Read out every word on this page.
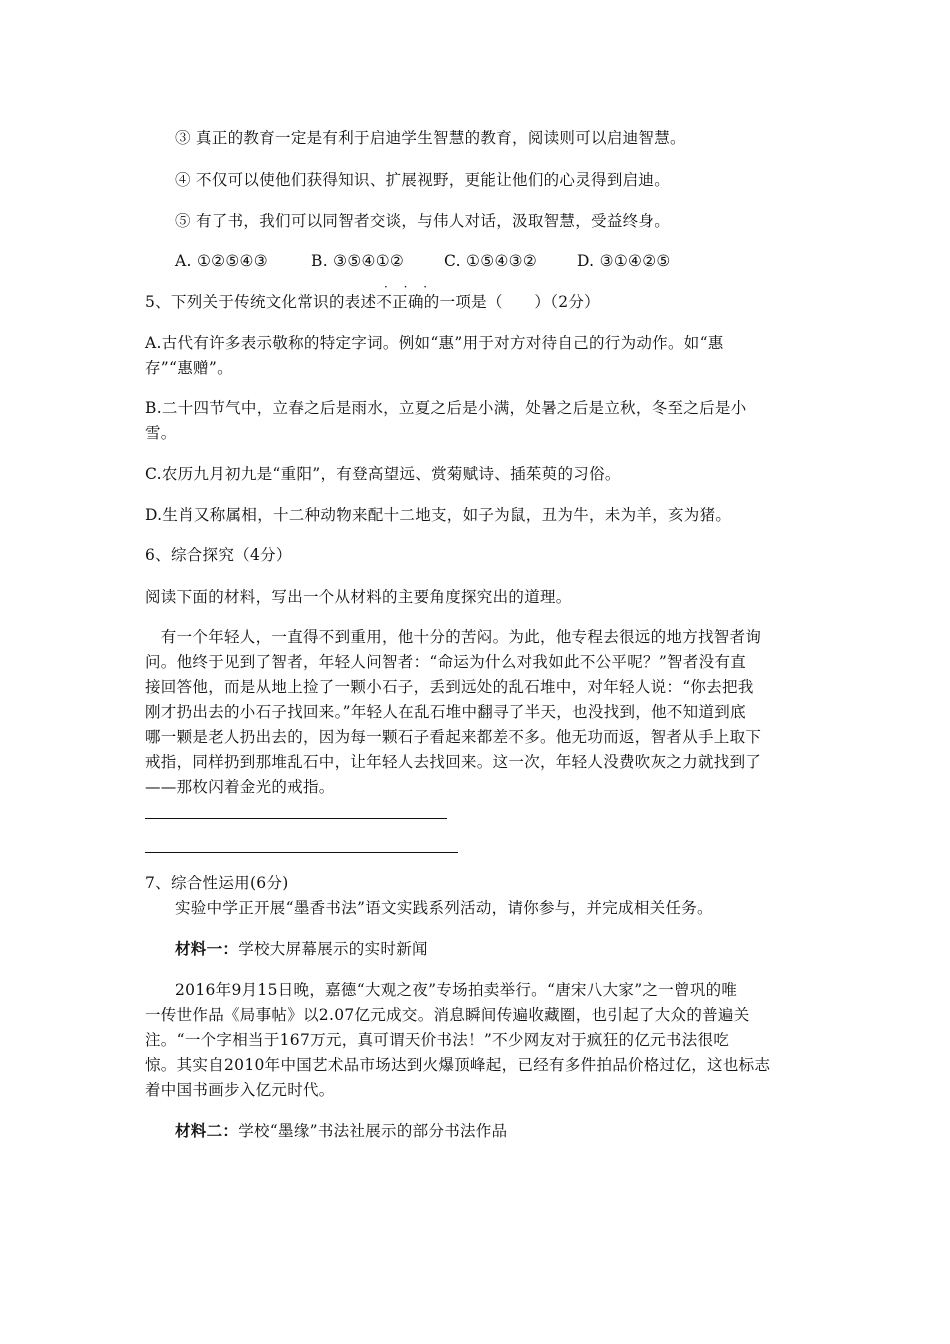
③ 真正的教育一定是有利于启迪学生智慧的教育，阅读则可以启迪智慧。
④ 不仅可以使他们获得知识、扩展视野，更能让他们的心灵得到启迪。
⑤ 有了书，我们可以同智者交谈，与伟人对话，汲取智慧，受益终身。
A. ①②⑤④③	B. ③⑤④①②	C. ①⑤④③②	D. ③①④②⑤
· · ·
5、下列关于传统文化常识的表述不正确的一项是（　　）（2分）
A.古代有许多表示敬称的特定字词。例如“惠”用于对方对待自己的行为动作。如“惠
存”“惠赠”。
B.二十四节气中，立春之后是雨水，立夏之后是小满，处暑之后是立秋，冬至之后是小
雪。
C.农历九月初九是“重阳”，有登高望远、赏菊赋诗、插茱萸的习俗。
D.生肖又称属相，十二种动物来配十二地支，如子为鼠，丑为牛，未为羊，亥为猪。
6、综合探究（4分）
阅读下面的材料，写出一个从材料的主要角度探究出的道理。
　有一个年轻人，一直得不到重用，他十分的苦闷。为此，他专程去很远的地方找智者询
问。他终于见到了智者，年轻人问智者：“命运为什么对我如此不公平呢？”智者没有直
接回答他，而是从地上捡了一颗小石子，丢到远处的乱石堆中，对年轻人说：“你去把我
刚才扔出去的小石子找回来。”年轻人在乱石堆中翻寻了半天，也没找到，他不知道到底
哪一颗是老人扔出去的，因为每一颗石子看起来都差不多。他无功而返，智者从手上取下
戒指，同样扔到那堆乱石中，让年轻人去找回来。这一次，年轻人没费吹灰之力就找到了
——那枚闪着金光的戒指。
7、综合性运用(6分)
实验中学正开展“墨香书法”语文实践系列活动，请你参与，并完成相关任务。
材料一：学校大屏幕展示的实时新闻
2016年9月15日晚，嘉德“大观之夜”专场拍卖举行。“唐宋八大家”之一曾巩的唯
一传世作品《局事帖》以2.07亿元成交。消息瞬间传遍收藏圈，也引起了大众的普遍关
注。“一个字相当于167万元，真可谓天价书法！”不少网友对于疯狂的亿元书法很吃
惊。其实自2010年中国艺术品市场达到火爆顶峰起，已经有多件拍品价格过亿，这也标志
着中国书画步入亿元时代。
材料二：学校“墨缘”书法社展示的部分书法作品
